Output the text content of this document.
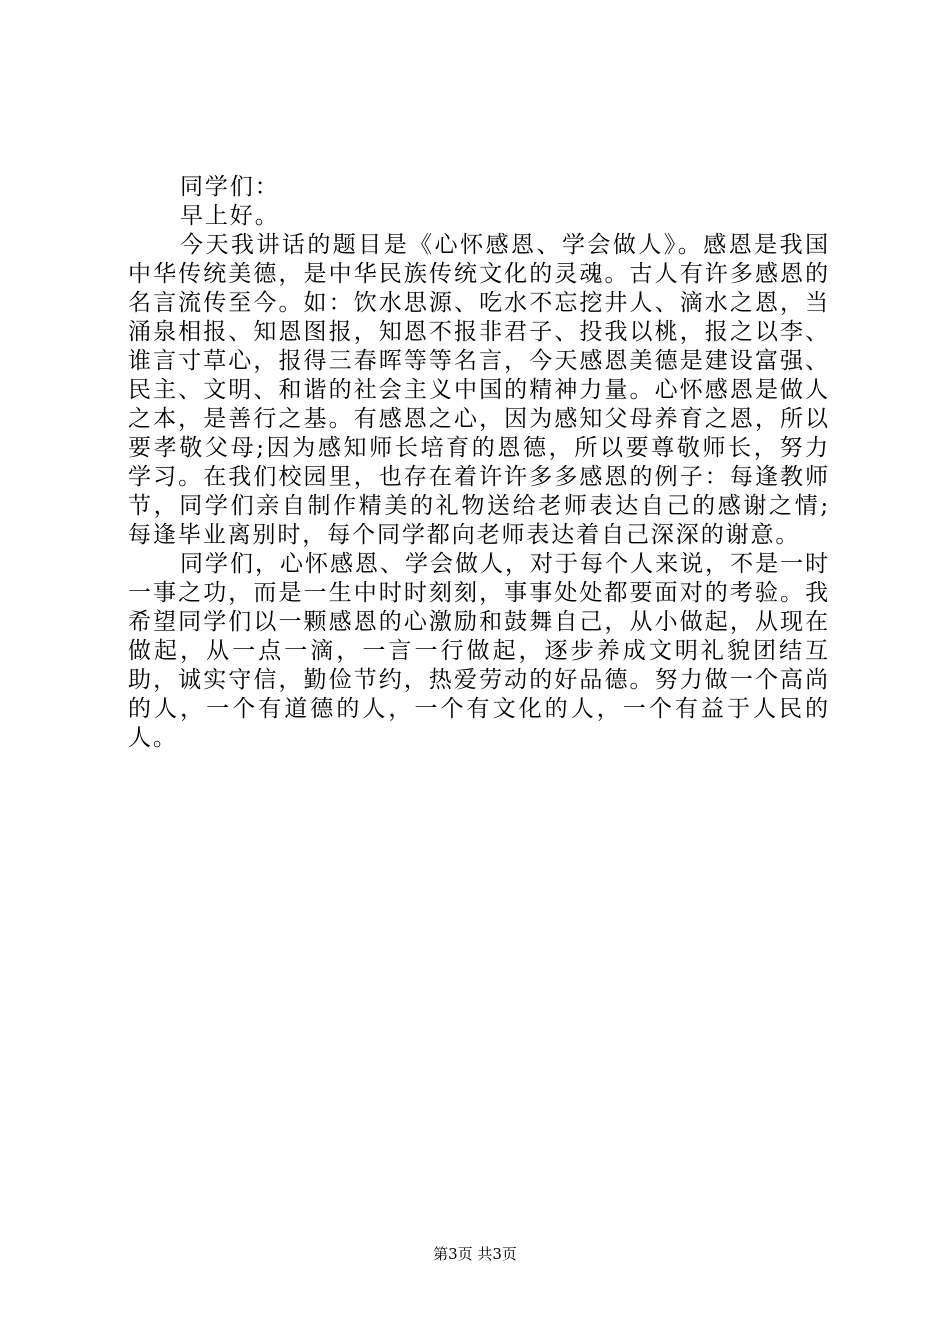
同学们：

早上好。

今天我讲话的题目是《心怀感恩、学会做人》。感恩是我国中华传统美德，是中华民族传统文化的灵魂。古人有许多感恩的名言流传至今。如：饮水思源、吃水不忘挖井人、滴水之恩，当涌泉相报、知恩图报，知恩不报非君子、投我以桃，报之以李、谁言寸草心，报得三春晖等等名言，今天感恩美德是建设富强、民主、文明、和谐的社会主义中国的精神力量。心怀感恩是做人之本，是善行之基。有感恩之心，因为感知父母养育之恩，所以要孝敬父母;因为感知师长培育的恩德，所以要尊敬师长，努力学习。在我们校园里，也存在着许许多多感恩的例子：每逢教师节，同学们亲自制作精美的礼物送给老师表达自己的感谢之情;每逢毕业离别时，每个同学都向老师表达着自己深深的谢意。

同学们，心怀感恩、学会做人，对于每个人来说，不是一时一事之功，而是一生中时时刻刻，事事处处都要面对的考验。我希望同学们以一颗感恩的心激励和鼓舞自己，从小做起，从现在做起，从一点一滴，一言一行做起，逐步养成文明礼貌团结互助，诚实守信，勤俭节约，热爱劳动的好品德。努力做一个高尚的人，一个有道德的人，一个有文化的人，一个有益于人民的人。

第3页 共3页
